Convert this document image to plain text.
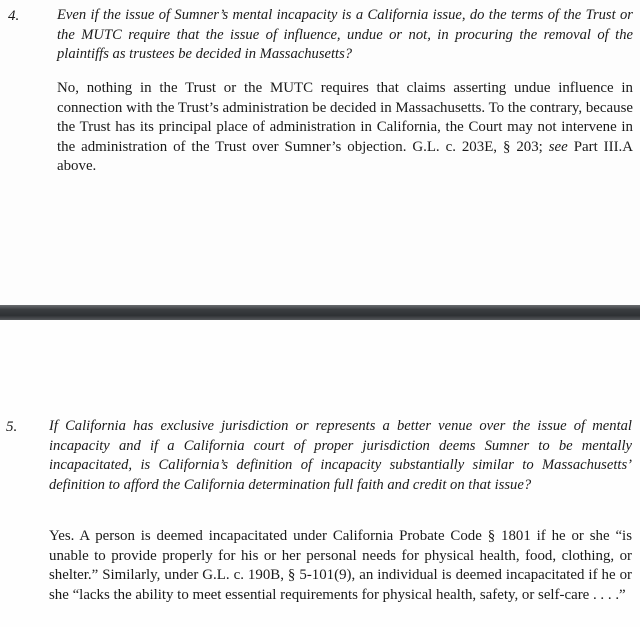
4.	Even if the issue of Sumner’s mental incapacity is a California issue, do the terms of the Trust or the MUTC require that the issue of influence, undue or not, in procuring the removal of the plaintiffs as trustees be decided in Massachusetts?
No, nothing in the Trust or the MUTC requires that claims asserting undue influence in connection with the Trust’s administration be decided in Massachusetts. To the contrary, because the Trust has its principal place of administration in California, the Court may not intervene in the administration of the Trust over Sumner’s objection. G.L. c. 203E, § 203; see Part III.A above.
5. If California has exclusive jurisdiction or represents a better venue over the issue of mental incapacity and if a California court of proper jurisdiction deems Sumner to be mentally incapacitated, is California’s definition of incapacity substantially similar to Massachusetts’ definition to afford the California determination full faith and credit on that issue?
Yes. A person is deemed incapacitated under California Probate Code § 1801 if he or she “is unable to provide properly for his or her personal needs for physical health, food, clothing, or shelter.” Similarly, under G.L. c. 190B, § 5-101(9), an individual is deemed incapacitated if he or she “lacks the ability to meet essential requirements for physical health, safety, or self-care . . . .”
